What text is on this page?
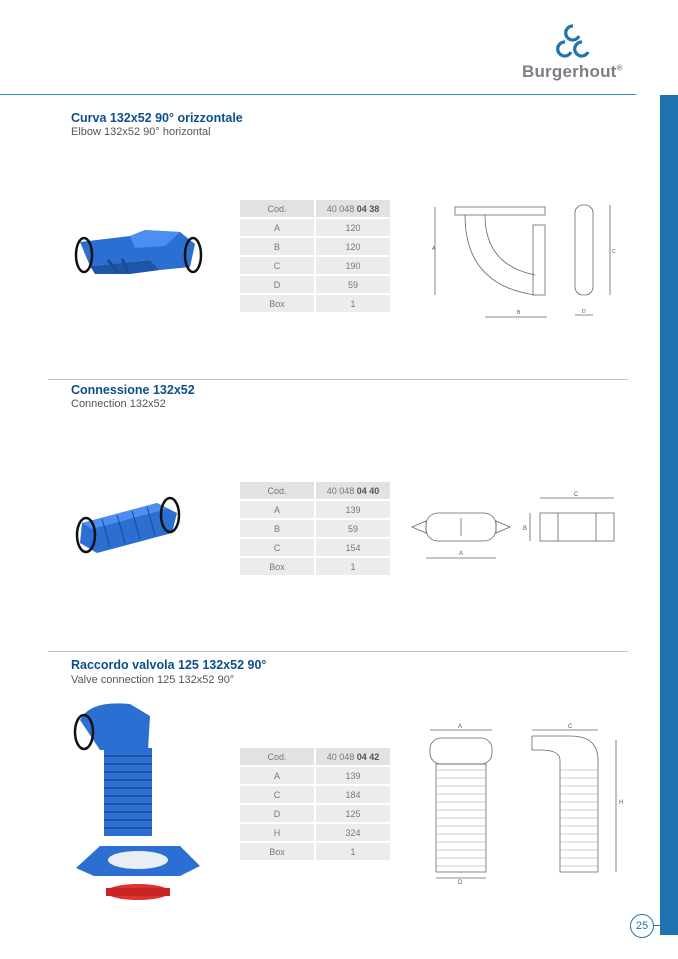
Burgerhout®
Curva 132x52 90° orizzontale
Elbow 132x52 90° horizontal
Cod.	40 048 04 38
A	120
B	120
C	190
D	59
Box	1
A
B
C
D
Connessione 132x52
Connection 132x52
Cod.	40 048 04 40
A	139
B	59
C	154
Box	1
A
B
C
Raccordo valvola 125 132x52 90°
Valve connection 125 132x52 90°
Cod.	40 048 04 42
A	139
C	184
D	125
H	324
Box	1
A	C
D
H
25
